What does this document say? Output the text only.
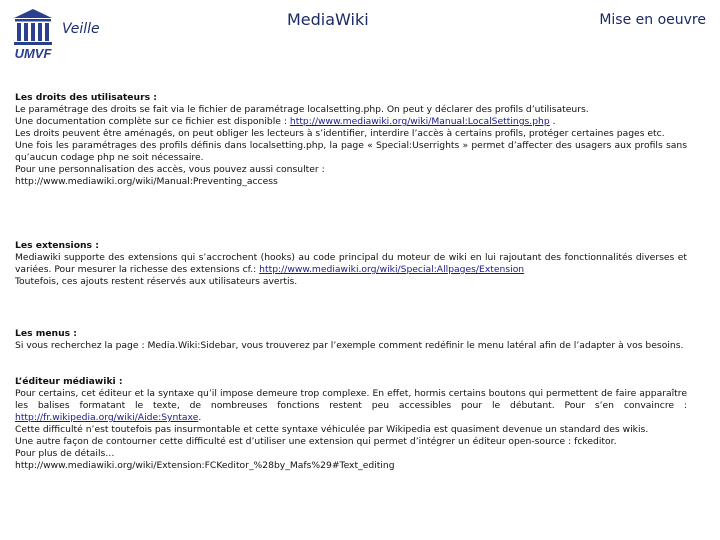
UMVF
Veille	MediaWiki	Mise en oeuvre
Les droits des utilisateurs :

Le paramétrage des droits se fait via le fichier de paramétrage localsetting.php. On peut y déclarer des profils d’utilisateurs.

Une documentation complète sur ce fichier est disponible : http://www.mediawiki.org/wiki/Manual:LocalSettings.php .

Les droits peuvent être aménagés, on peut obliger les lecteurs à s’identifier, interdire l’accès à certains profils, protéger certaines pages etc.

Une fois les paramétrages des profils définis dans localsetting.php, la page « Special:Userrights » permet d’affecter des usagers aux profils sans qu’aucun codage php ne soit nécessaire.

Pour une personnalisation des accès, vous pouvez aussi consulter :

http://www.mediawiki.org/wiki/Manual:Preventing_access

Les extensions :

Mediawiki supporte des extensions qui s’accrochent (hooks) au code principal du moteur de wiki en lui rajoutant des fonctionnalités diverses et variées. Pour mesurer la richesse des extensions cf.: http://www.mediawiki.org/wiki/Special:Allpages/Extension

Toutefois, ces ajouts restent réservés aux utilisateurs avertis.

Les menus :

Si vous recherchez la page : Media.Wiki:Sidebar, vous trouverez par l’exemple comment redéfinir le menu latéral afin de l’adapter à vos besoins.

L’éditeur médiawiki :

Pour certains, cet éditeur et la syntaxe qu’il impose demeure trop complexe. En effet, hormis certains boutons qui permettent de faire apparaître les balises formatant le texte, de nombreuses fonctions restent peu accessibles pour le débutant. Pour s’en convaincre : http://fr.wikipedia.org/wiki/Aide:Syntaxe.

Cette difficulté n’est toutefois pas insurmontable et cette syntaxe véhiculée par Wikipedia est quasiment devenue un standard des wikis.

Une autre façon de contourner cette difficulté est d’utiliser une extension qui permet d’intégrer un éditeur open-source : fckeditor.

Pour plus de détails…

http://www.mediawiki.org/wiki/Extension:FCKeditor_%28by_Mafs%29#Text_editing
